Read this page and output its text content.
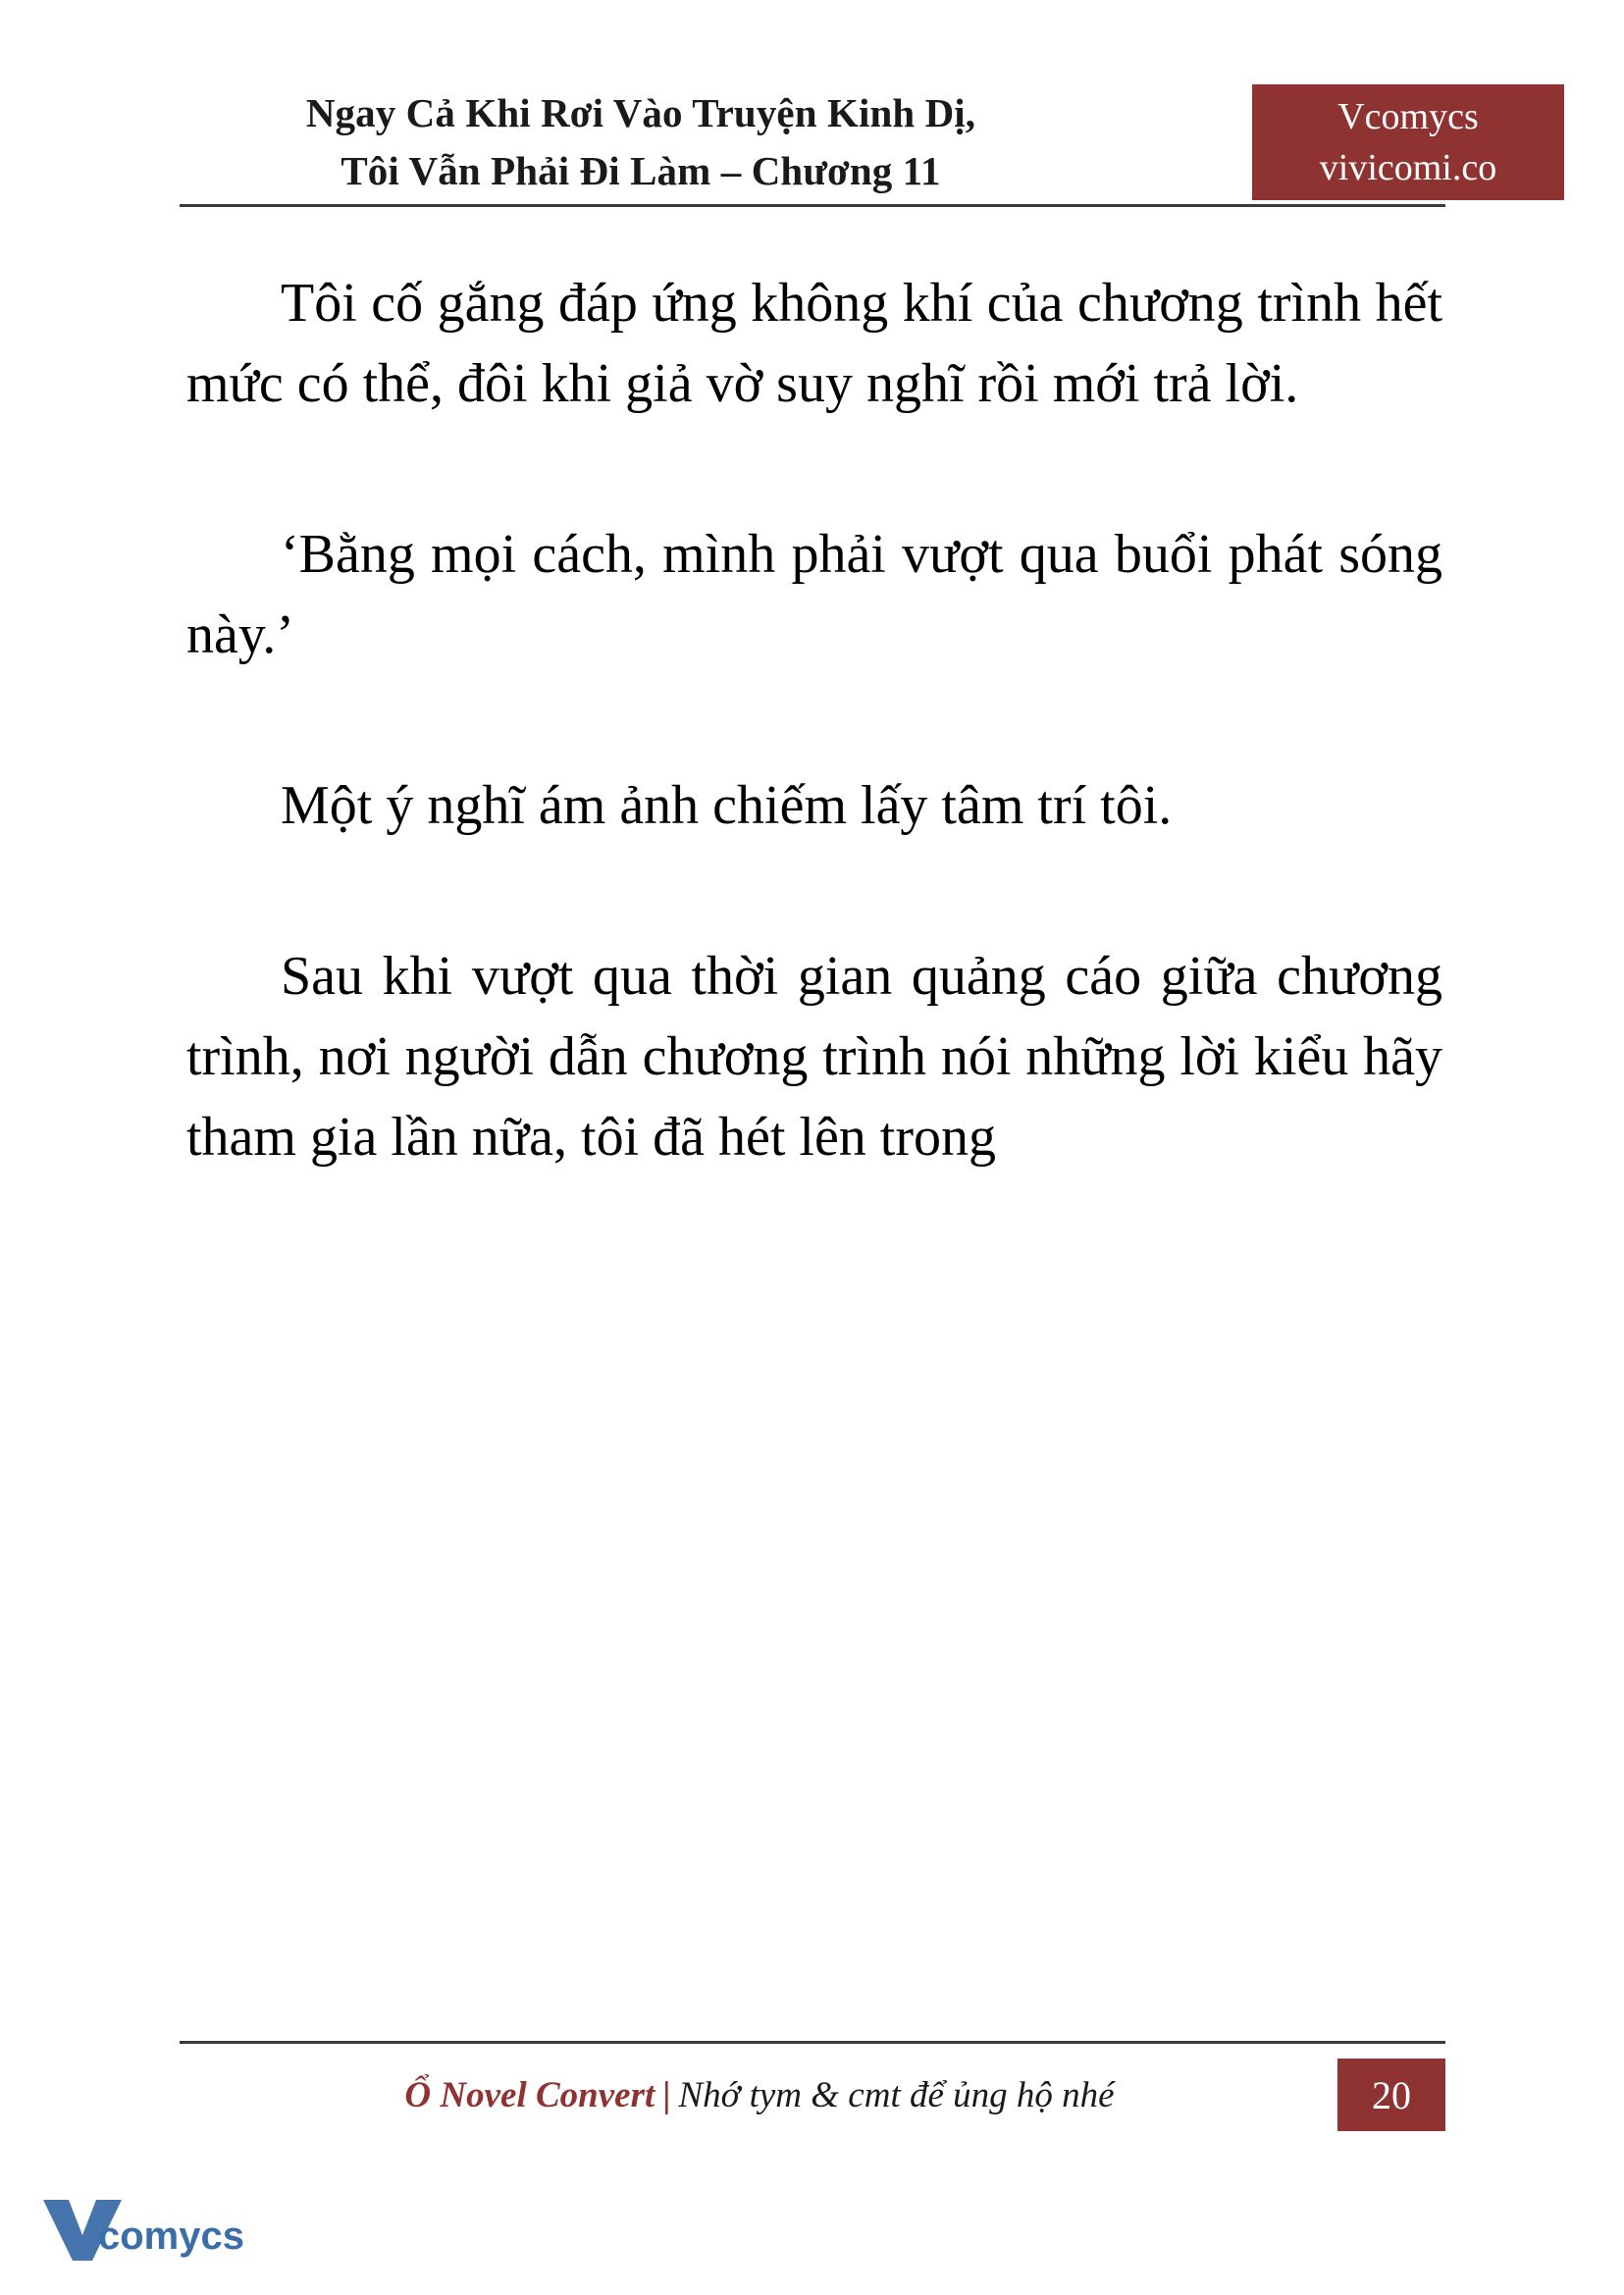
Ngay Cả Khi Rơi Vào Truyện Kinh Dị,
Tôi Vẫn Phải Đi Làm – Chương 11
Vcomycs
vivicomi.co

Tôi cố gắng đáp ứng không khí của chương trình hết mức có thể, đôi khi giả vờ suy nghĩ rồi mới trả lời.

‘Bằng mọi cách, mình phải vượt qua buổi phát sóng này.’

Một ý nghĩ ám ảnh chiếm lấy tâm trí tôi.

Sau khi vượt qua thời gian quảng cáo giữa chương trình, nơi người dẫn chương trình nói những lời kiểu hãy tham gia lần nữa, tôi đã hét lên trong

Ổ Novel Convert | Nhớ tym & cmt để ủng hộ nhé	20
comycs
